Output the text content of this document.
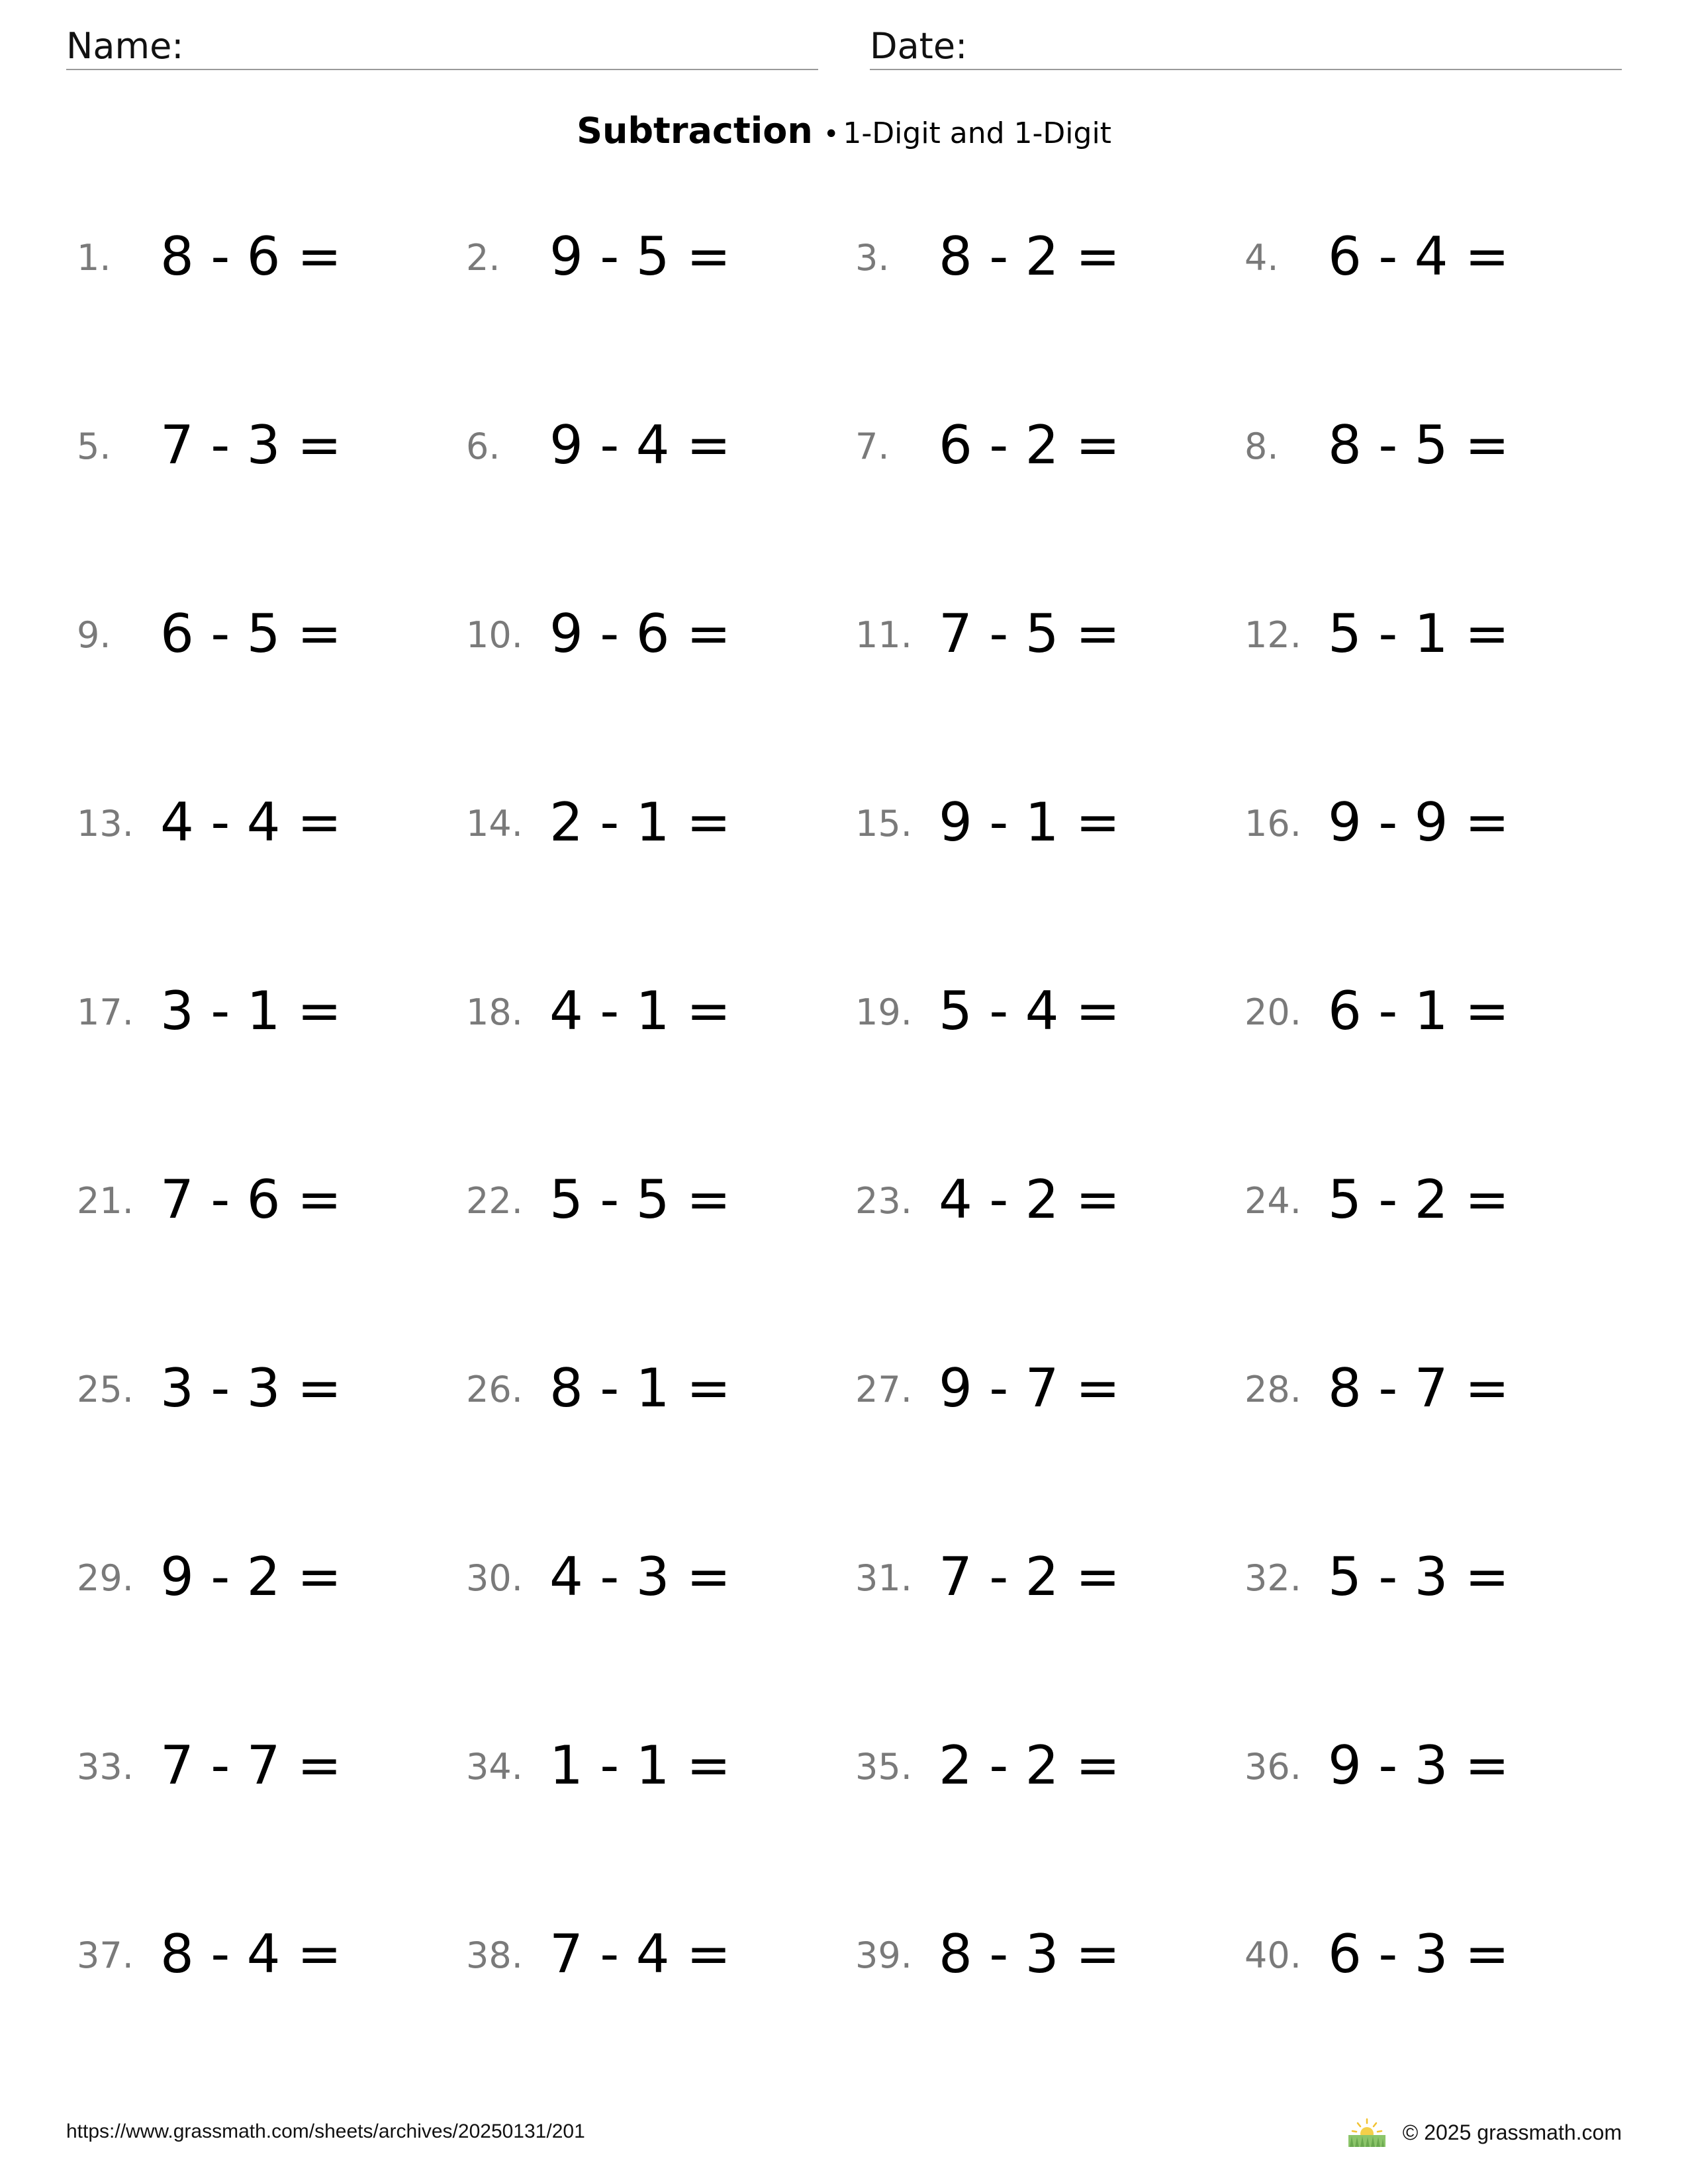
Name:	Date:
Subtraction • 1-Digit and 1-Digit
1. 8 - 6 =	2. 9 - 5 =	3. 8 - 2 =	4. 6 - 4 =
5. 7 - 3 =	6. 9 - 4 =	7. 6 - 2 =	8. 8 - 5 =
9. 6 - 5 =	10. 9 - 6 =	11. 7 - 5 =	12. 5 - 1 =
13. 4 - 4 =	14. 2 - 1 =	15. 9 - 1 =	16. 9 - 9 =
17. 3 - 1 =	18. 4 - 1 =	19. 5 - 4 =	20. 6 - 1 =
21. 7 - 6 =	22. 5 - 5 =	23. 4 - 2 =	24. 5 - 2 =
25. 3 - 3 =	26. 8 - 1 =	27. 9 - 7 =	28. 8 - 7 =
29. 9 - 2 =	30. 4 - 3 =	31. 7 - 2 =	32. 5 - 3 =
33. 7 - 7 =	34. 1 - 1 =	35. 2 - 2 =	36. 9 - 3 =
37. 8 - 4 =	38. 7 - 4 =	39. 8 - 3 =	40. 6 - 3 =
https://www.grassmath.com/sheets/archives/20250131/201	© 2025 grassmath.com
